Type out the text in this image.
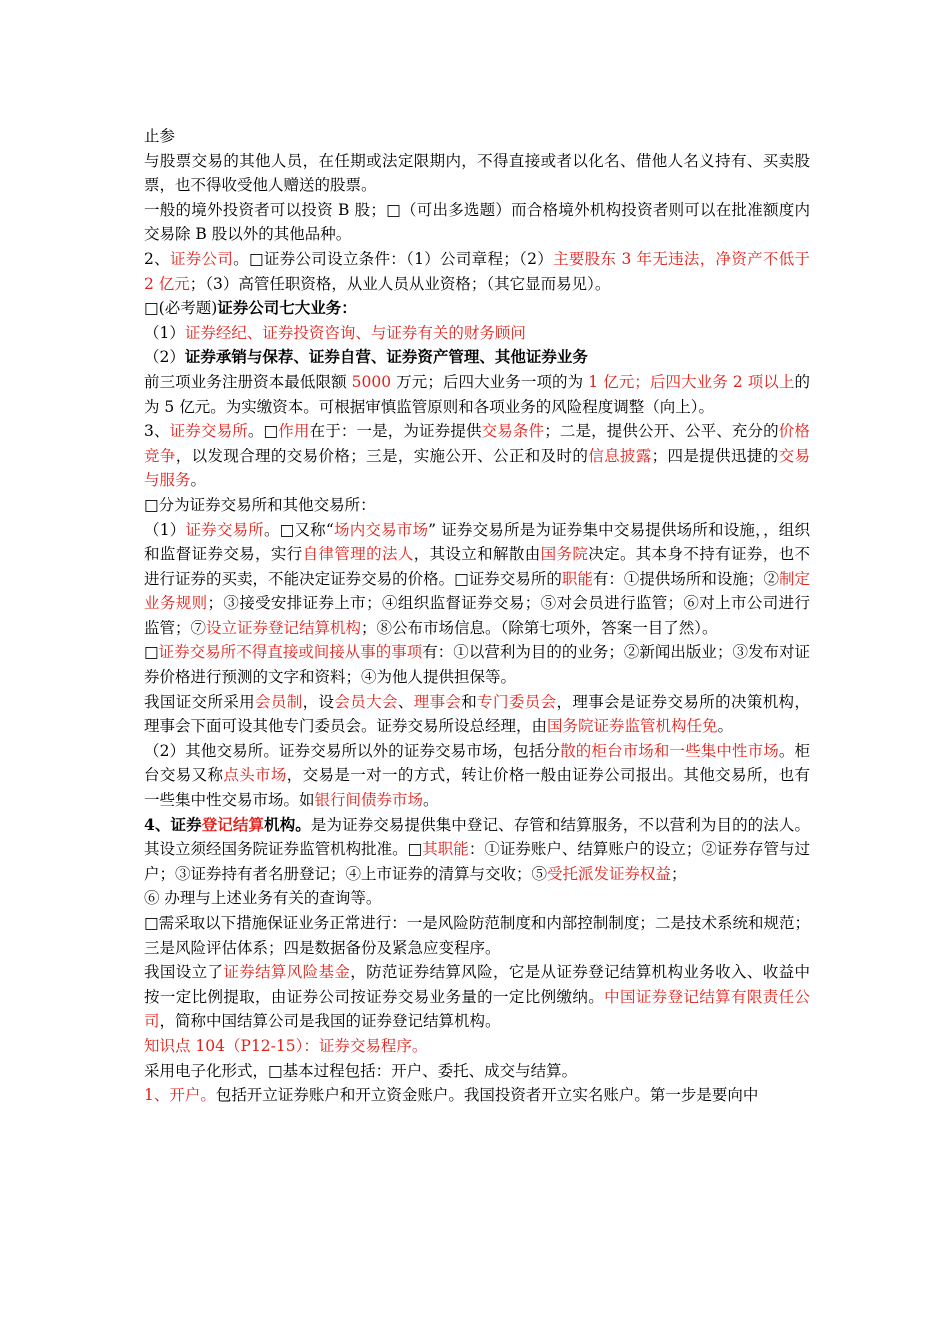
止参

与股票交易的其他人员，在任期或法定限期内，不得直接或者以化名、借他人名义持有、买卖股票，也不得收受他人赠送的股票。

一般的境外投资者可以投资 B 股；□（可出多选题）而合格境外机构投资者则可以在批准额度内交易除 B 股以外的其他品种。

2、证券公司。□证券公司设立条件：（1）公司章程；（2）主要股东 3 年无违法，净资产不低于 2 亿元；（3）高管任职资格，从业人员从业资格；（其它显而易见）。

□(必考题)证券公司七大业务：

（1）证券经纪、证券投资咨询、与证券有关的财务顾问

（2）证券承销与保荐、证券自营、证券资产管理、其他证券业务

前三项业务注册资本最低限额 5000 万元；后四大业务一项的为 1 亿元；后四大业务 2 项以上的为 5 亿元。为实缴资本。可根据审慎监管原则和各项业务的风险程度调整（向上）。

3、证券交易所。□作用在于：一是，为证券提供交易条件；二是，提供公开、公平、充分的价格竞争，以发现合理的交易价格；三是，实施公开、公正和及时的信息披露；四是提供迅捷的交易与服务。

□分为证券交易所和其他交易所：

（1）证券交易所。□又称“场内交易市场” 证券交易所是为证券集中交易提供场所和设施，，组织和监督证券交易，实行自律管理的法人，其设立和解散由国务院决定。其本身不持有证券，也不进行证券的买卖，不能决定证券交易的价格。□证券交易所的职能有：①提供场所和设施；②制定业务规则；③接受安排证券上市；④组织监督证券交易；⑤对会员进行监管；⑥对上市公司进行监管；⑦设立证券登记结算机构；⑧公布市场信息。（除第七项外，答案一目了然）。

□证券交易所不得直接或间接从事的事项有：①以营利为目的的业务；②新闻出版业；③发布对证券价格进行预测的文字和资料；④为他人提供担保等。

我国证交所采用会员制，设会员大会、理事会和专门委员会，理事会是证券交易所的决策机构，理事会下面可设其他专门委员会。证券交易所设总经理，由国务院证券监管机构任免。

（2）其他交易所。证券交易所以外的证券交易市场，包括分散的柜台市场和一些集中性市场。柜台交易又称点头市场，交易是一对一的方式，转让价格一般由证券公司报出。其他交易所，也有一些集中性交易市场。如银行间债券市场。

4、证券登记结算机构。是为证券交易提供集中登记、存管和结算服务，不以营利为目的的法人。其设立须经国务院证券监管机构批准。□其职能：①证券账户、结算账户的设立；②证券存管与过户；③证券持有者名册登记；④上市证券的清算与交收；⑤受托派发证券权益；

⑥ 办理与上述业务有关的查询等。

□需采取以下措施保证业务正常进行：一是风险防范制度和内部控制制度；二是技术系统和规范；三是风险评估体系；四是数据备份及紧急应变程序。

我国设立了证券结算风险基金，防范证券结算风险，它是从证券登记结算机构业务收入、收益中按一定比例提取，由证券公司按证券交易业务量的一定比例缴纳。中国证券登记结算有限责任公司，简称中国结算公司是我国的证券登记结算机构。

知识点 104（P12-15）：证券交易程序。

采用电子化形式，□基本过程包括：开户、委托、成交与结算。

1、开户。包括开立证券账户和开立资金账户。我国投资者开立实名账户。第一步是要向中
